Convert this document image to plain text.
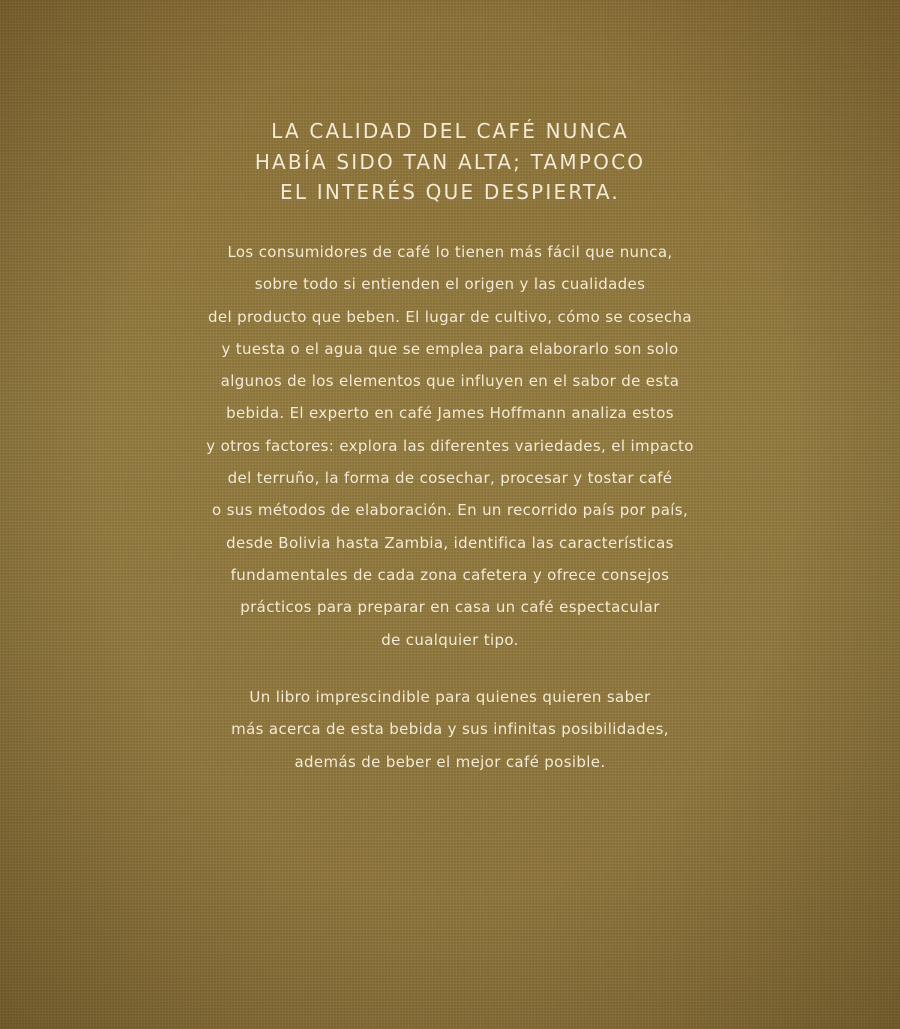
LA CALIDAD DEL CAFÉ NUNCA
HABÍA SIDO TAN ALTA; TAMPOCO
EL INTERÉS QUE DESPIERTA.

Los consumidores de café lo tienen más fácil que nunca,
sobre todo si entienden el origen y las cualidades
del producto que beben. El lugar de cultivo, cómo se cosecha
y tuesta o el agua que se emplea para elaborarlo son solo
algunos de los elementos que influyen en el sabor de esta
bebida. El experto en café James Hoffmann analiza estos
y otros factores: explora las diferentes variedades, el impacto
del terruño, la forma de cosechar, procesar y tostar café
o sus métodos de elaboración. En un recorrido país por país,
desde Bolivia hasta Zambia, identifica las características
fundamentales de cada zona cafetera y ofrece consejos
prácticos para preparar en casa un café espectacular
de cualquier tipo.

Un libro imprescindible para quienes quieren saber
más acerca de esta bebida y sus infinitas posibilidades,
además de beber el mejor café posible.
